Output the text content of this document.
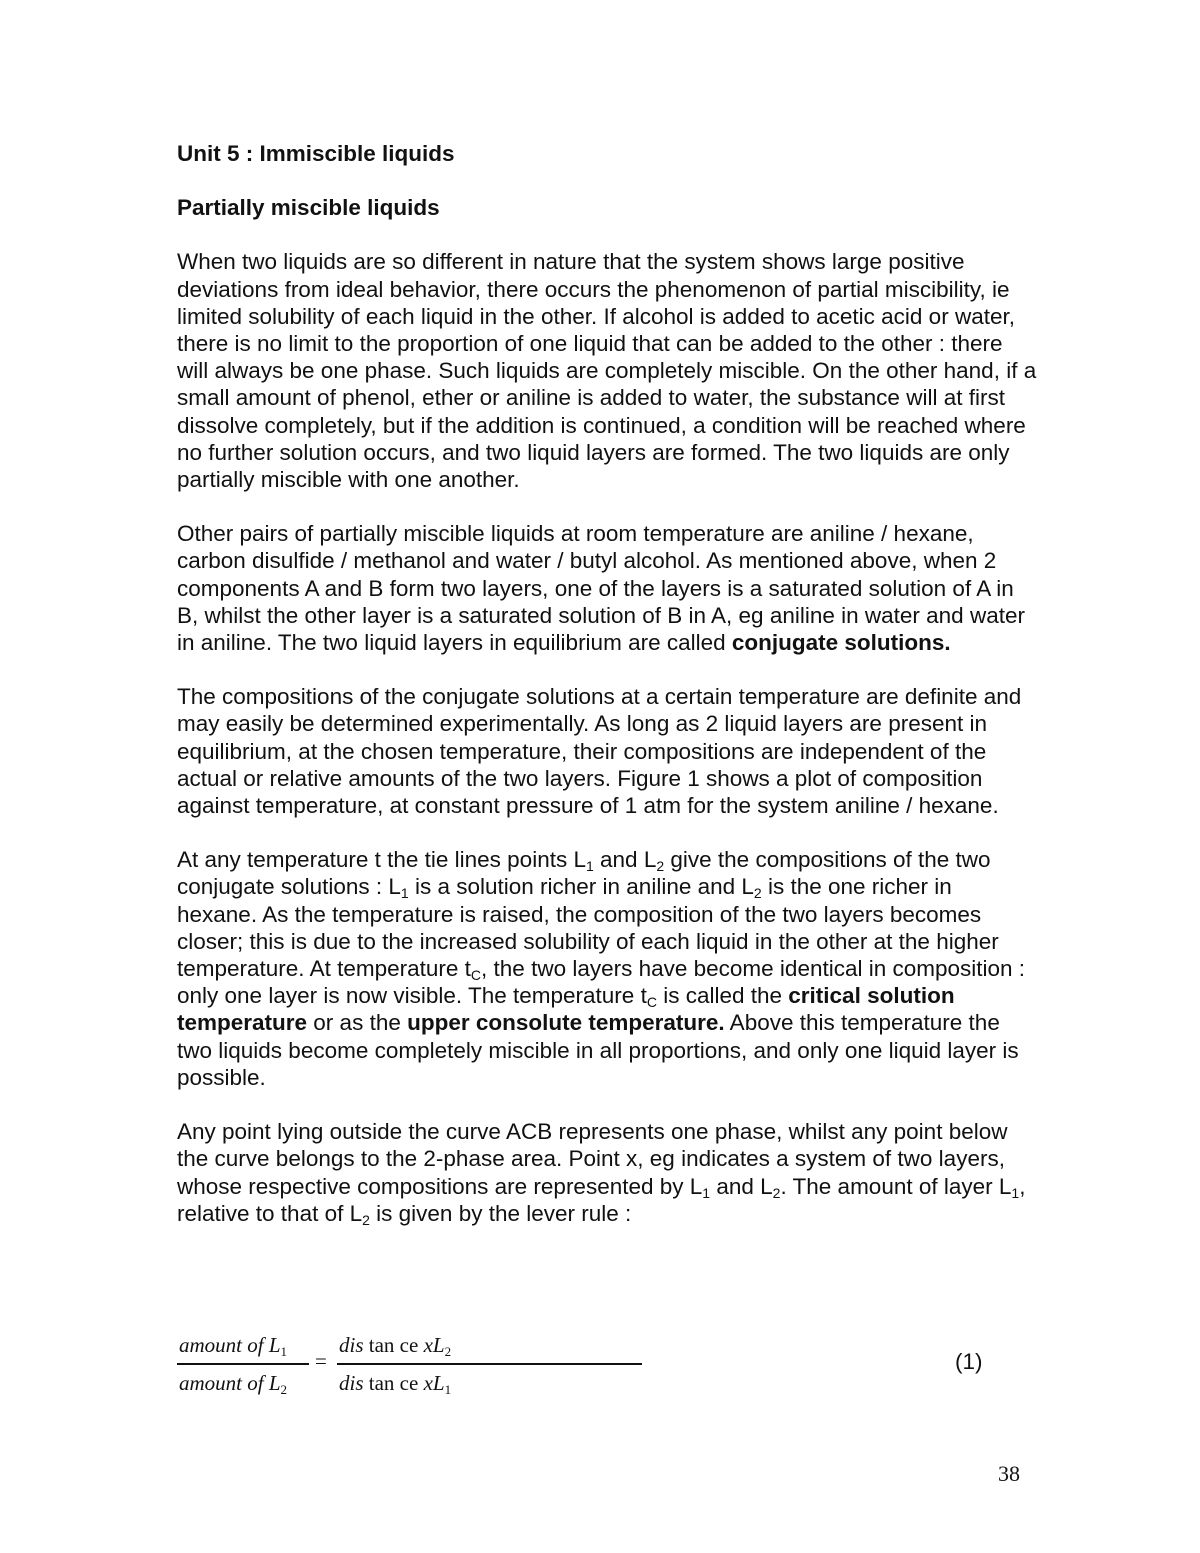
Unit 5 : Immiscible liquids
Partially miscible liquids

When two liquids are so different in nature that the system shows large positive deviations from ideal behavior, there occurs the phenomenon of partial miscibility, ie limited solubility of each liquid in the other. If alcohol is added to acetic acid or water, there is no limit to the proportion of one liquid that can be added to the other : there will always be one phase. Such liquids are completely miscible. On the other hand, if a small amount of phenol, ether or aniline is added to water, the substance will at first dissolve completely, but if the addition is continued, a condition will be reached where no further solution occurs, and two liquid layers are formed. The two liquids are only partially miscible with one another.

Other pairs of partially miscible liquids at room temperature are aniline / hexane, carbon disulfide / methanol and water / butyl alcohol. As mentioned above, when 2 components A and B form two layers, one of the layers is a saturated solution of A in B, whilst the other layer is a saturated solution of B in A, eg aniline in water and water in aniline. The two liquid layers in equilibrium are called conjugate solutions.

The compositions of the conjugate solutions at a certain temperature are definite and may easily be determined experimentally. As long as 2 liquid layers are present in equilibrium, at the chosen temperature, their compositions are independent of the actual or relative amounts of the two layers. Figure 1 shows a plot of composition against temperature, at constant pressure of 1 atm for the system aniline / hexane.

At any temperature t the tie lines points $L_1$ and $L_2$ give the compositions of the two conjugate solutions : $L_1$ is a solution richer in aniline and $L_2$ is the one richer in hexane. As the temperature is raised, the composition of the two layers becomes closer; this is due to the increased solubility of each liquid in the other at the higher temperature. At temperature $t_C$, the two layers have become identical in composition : only one layer is now visible. The temperature $t_C$ is called the critical solution temperature or as the upper consolute temperature. Above this temperature the two liquids become completely miscible in all proportions, and only one liquid layer is possible.

Any point lying outside the curve ACB represents one phase, whilst any point below the curve belongs to the 2-phase area. Point x, eg indicates a system of two layers, whose respective compositions are represented by $L_1$ and $L_2$. The amount of layer $L_1$, relative to that of $L_2$ is given by the lever rule :

amount of $L_1$
amount of $L_2$
=
dis tan ce $xL_2$
dis tan ce $xL_1$
(1)
38
